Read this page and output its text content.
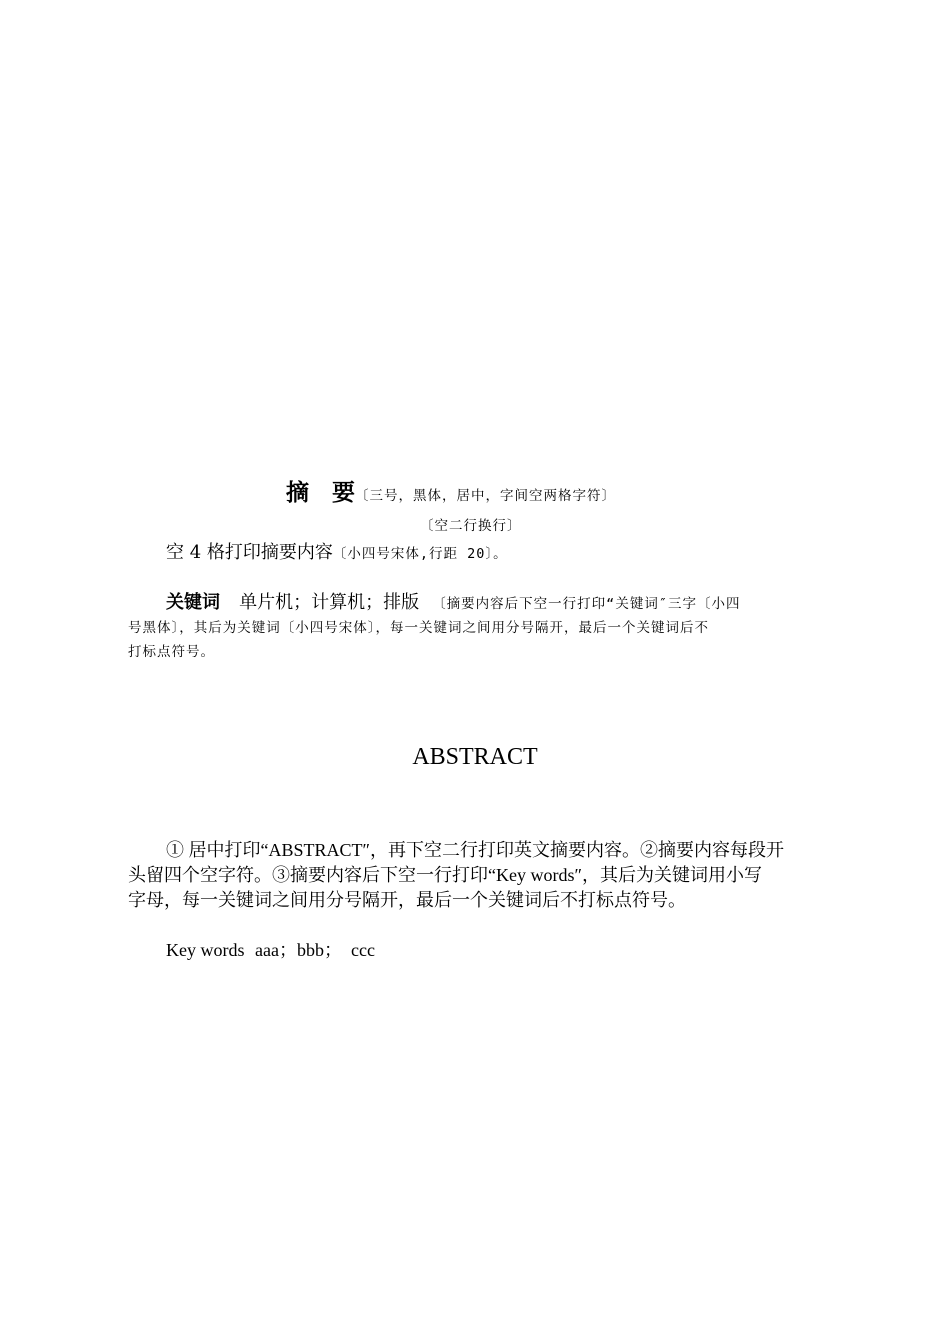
摘　要〔三号，黑体，居中，字间空两格字符〕
〔空二行换行〕
空 4 格打印摘要内容〔小四号宋体,行距 20〕。
关键词 单片机；计算机；排版 〔摘要内容后下空一行打印“关键词″三字〔小四
号黑体〕，其后为关键词〔小四号宋体〕，每一关键词之间用分号隔开，最后一个关键词后不
打标点符号。
ABSTRACT
① 居中打印“ABSTRACT″，再下空二行打印英文摘要内容。②摘要内容每段开
头留四个空字符。③摘要内容后下空一行打印“Key words″，其后为关键词用小写
字母，每一关键词之间用分号隔开，最后一个关键词后不打标点符号。
Key words aaa；bbb；　ccc
